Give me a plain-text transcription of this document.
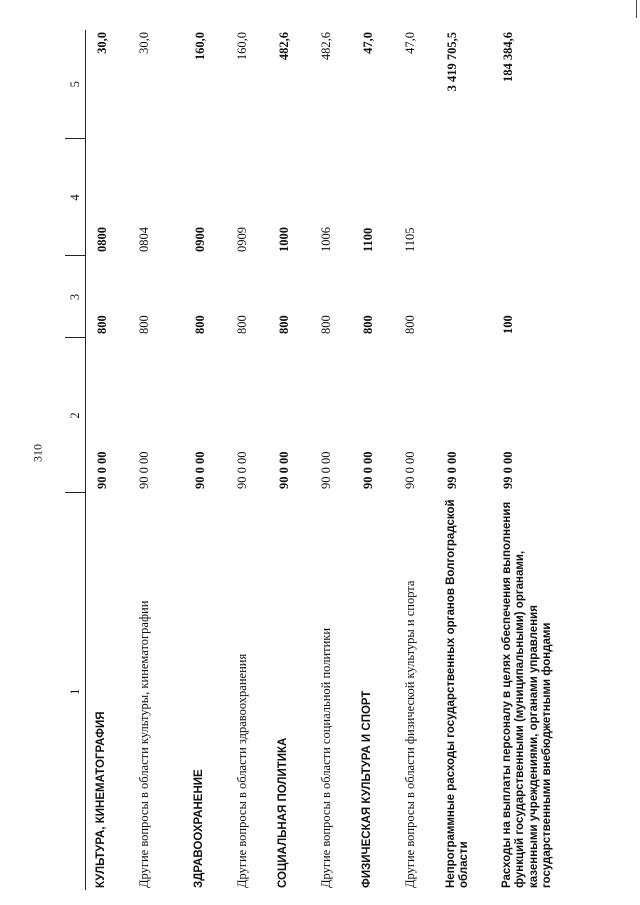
310
1	2	3	4	5
КУЛЬТУРА, КИНЕМАТОГРАФИЯ	90 0 00	800	0800	30,0
Другие вопросы в области культуры, кинематографии	90 0 00	800	0804	30,0
ЗДРАВООХРАНЕНИЕ	90 0 00	800	0900	160,0
Другие вопросы в области здравоохранения	90 0 00	800	0909	160,0
СОЦИАЛЬНАЯ ПОЛИТИКА	90 0 00	800	1000	482,6
Другие вопросы в области социальной политики	90 0 00	800	1006	482,6
ФИЗИЧЕСКАЯ КУЛЬТУРА И СПОРТ	90 0 00	800	1100	47,0
Другие вопросы в области физической культуры и спорта	90 0 00	800	1105	47,0
Непрограммные расходы государственных органов Волгоградской области	99 0 00			3 419 705,5
Расходы на выплаты персоналу в целях обеспечения выполнения функций государственными (муниципальными) органами, казенными учреждениями, органами управления государственными внебюджетными фондами	99 0 00	100		184 384,6
